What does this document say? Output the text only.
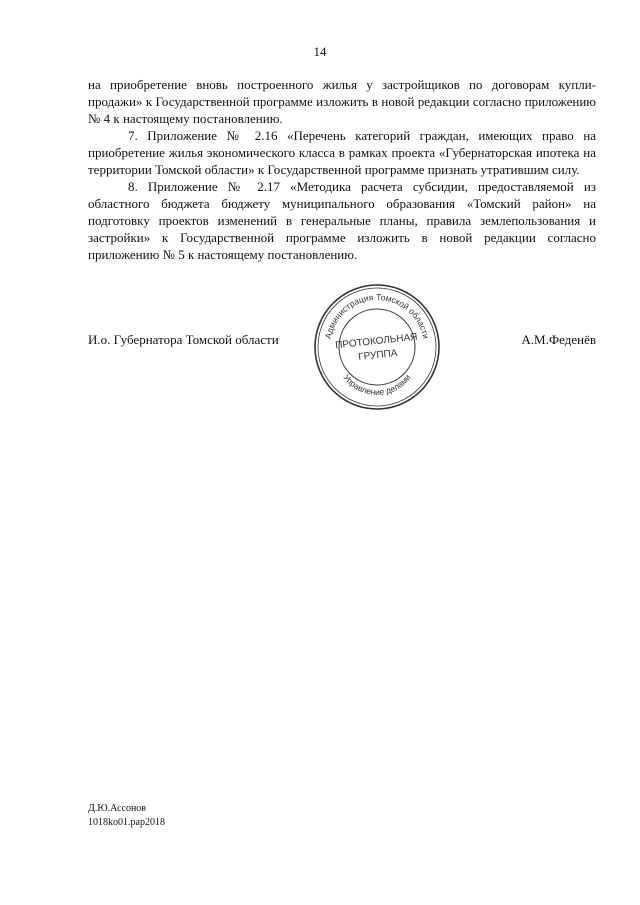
14

на приобретение вновь построенного жилья у застройщиков по договорам купли-продажи» к Государственной программе изложить в новой редакции согласно приложению № 4 к настоящему постановлению.

7. Приложение № 2.16 «Перечень категорий граждан, имеющих право на приобретение жилья экономического класса в рамках проекта «Губернаторская ипотека на территории Томской области» к Государственной программе признать утратившим силу.

8. Приложение № 2.17 «Методика расчета субсидии, предоставляемой из областного бюджета бюджету муниципального образования «Томский район» на подготовку проектов изменений в генеральные планы, правила землепользования и застройки» к Государственной программе изложить в новой редакции согласно приложению № 5 к настоящему постановлению.

И.о. Губернатора Томской области	А.М.Феденёв
Администрация Томской области
Управление делами
ПРОТОКОЛЬНАЯ
ГРУППА
Д.Ю.Ассонов
1018ko01.pap2018
